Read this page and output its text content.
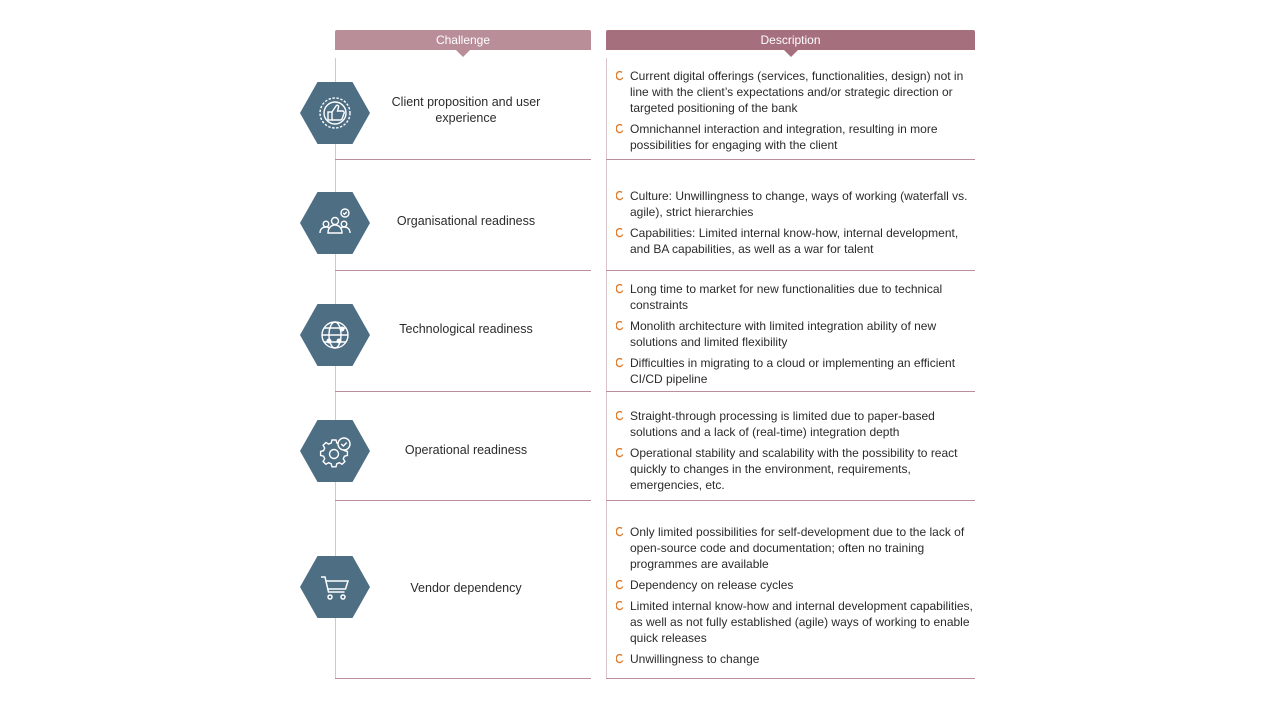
Challenge	Description
Client proposition and user experience
Current digital offerings (services, functionalities, design) not in line with the client’s expectations and/or strategic direction or targeted positioning of the bank
Omnichannel interaction and integration, resulting in more possibilities for engaging with the client
Organisational readiness
Culture: Unwillingness to change, ways of working (waterfall vs. agile), strict hierarchies
Capabilities: Limited internal know-how, internal development, and BA capabilities, as well as a war for talent
Technological readiness
Long time to market for new functionalities due to technical constraints
Monolith architecture with limited integration ability of new solutions and limited flexibility
Difficulties in migrating to a cloud or implementing an efficient CI/CD pipeline
Operational readiness
Straight-through processing is limited due to paper-based solutions and a lack of (real-time) integration depth
Operational stability and scalability with the possibility to react quickly to changes in the environment, requirements, emergencies, etc.
Vendor dependency
Only limited possibilities for self-development due to the lack of open-source code and documentation; often no training programmes are available
Dependency on release cycles
Limited internal know-how and internal development capabilities, as well as not fully established (agile) ways of working to enable quick releases
Unwillingness to change
